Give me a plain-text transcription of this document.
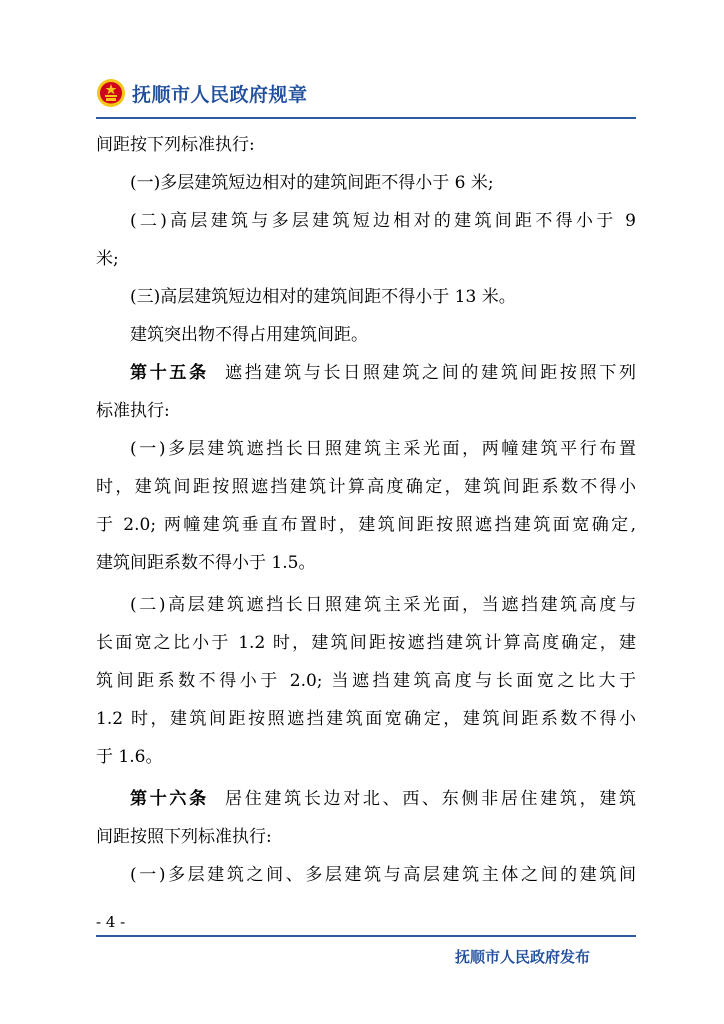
抚顺市人民政府规章
间距按下列标准执行:
(一)多层建筑短边相对的建筑间距不得小于 6 米;
(二)高层建筑与多层建筑短边相对的建筑间距不得小于 9
米;
(三)高层建筑短边相对的建筑间距不得小于 13 米。
建筑突出物不得占用建筑间距。
第十五条 遮挡建筑与长日照建筑之间的建筑间距按照下列
标准执行:
(一)多层建筑遮挡长日照建筑主采光面，两幢建筑平行布置
时，建筑间距按照遮挡建筑计算高度确定，建筑间距系数不得小
于 2.0; 两幢建筑垂直布置时，建筑间距按照遮挡建筑面宽确定,
建筑间距系数不得小于 1.5。
(二)高层建筑遮挡长日照建筑主采光面，当遮挡建筑高度与
长面宽之比小于 1.2 时，建筑间距按遮挡建筑计算高度确定，建
筑间距系数不得小于 2.0; 当遮挡建筑高度与长面宽之比大于
1.2 时，建筑间距按照遮挡建筑面宽确定，建筑间距系数不得小
于 1.6。
第十六条 居住建筑长边对北、西、东侧非居住建筑，建筑
间距按照下列标准执行:
(一)多层建筑之间、多层建筑与高层建筑主体之间的建筑间
- 4 -
抚顺市人民政府发布
